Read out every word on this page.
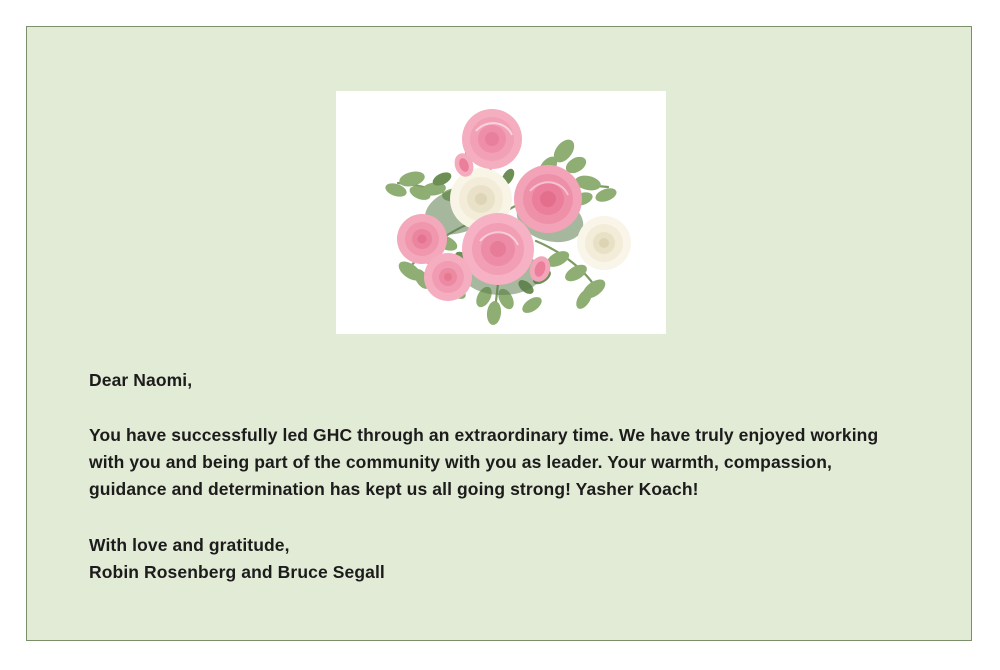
Dear Naomi,

You have successfully led GHC through an extraordinary time. We have truly enjoyed working with you and being part of the community with you as leader. Your warmth, compassion, guidance and determination has kept us all going strong! Yasher Koach!

With love and gratitude,
Robin Rosenberg and Bruce Segall
